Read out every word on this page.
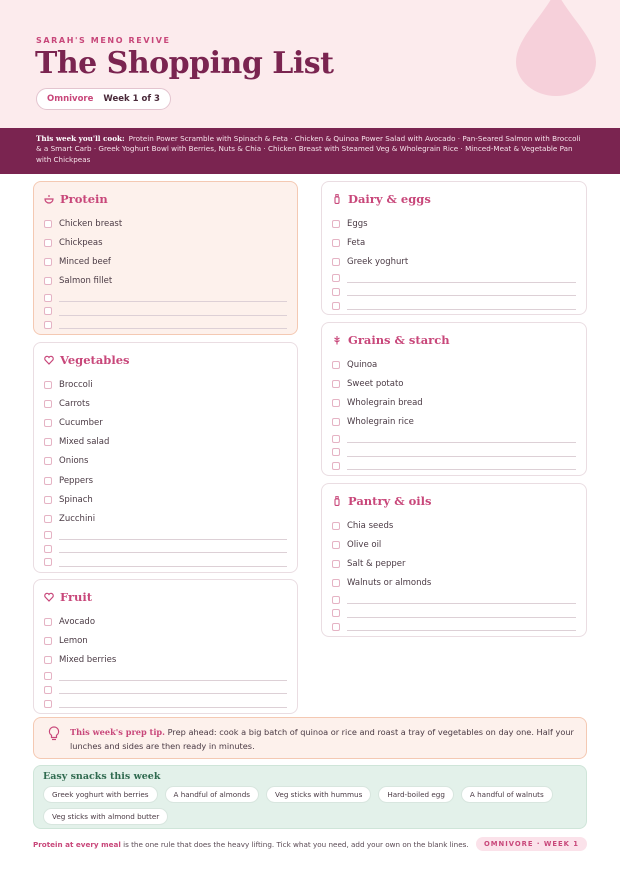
SARAH'S MENO REVIVE
The Shopping List
Omnivore Week 1 of 3
This week you'll cook: Protein Power Scramble with Spinach & Feta · Chicken & Quinoa Power Salad with Avocado · Pan-Seared Salmon with Broccoli & a Smart Carb · Greek Yoghurt Bowl with Berries, Nuts & Chia · Chicken Breast with Steamed Veg & Wholegrain Rice · Minced-Meat & Vegetable Pan with Chickpeas
Protein
Chicken breast
Chickpeas
Minced beef
Salmon fillet
Vegetables
Broccoli
Carrots
Cucumber
Mixed salad
Onions
Peppers
Spinach
Zucchini
Fruit
Avocado
Lemon
Mixed berries
Dairy & eggs
Eggs
Feta
Greek yoghurt
Grains & starch
Quinoa
Sweet potato
Wholegrain bread
Wholegrain rice
Pantry & oils
Chia seeds
Olive oil
Salt & pepper
Walnuts or almonds
This week's prep tip. Prep ahead: cook a big batch of quinoa or rice and roast a tray of vegetables on day one. Half your lunches and sides are then ready in minutes.
Easy snacks this week
Greek yoghurt with berries	A handful of almonds	Veg sticks with hummus	Hard-boiled egg	A handful of walnuts
Veg sticks with almond butter
Protein at every meal is the one rule that does the heavy lifting. Tick what you need, add your own on the blank lines.	OMNIVORE · WEEK 1
